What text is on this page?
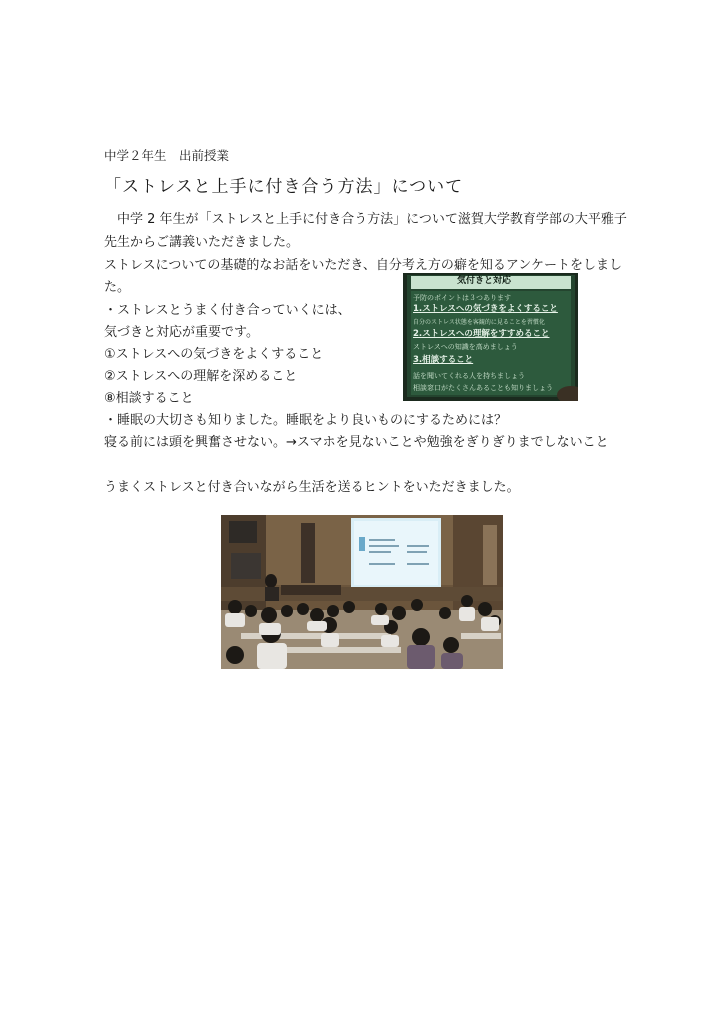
中学２年生　出前授業
「ストレスと上手に付き合う方法」について
　中学 2 年生が「ストレスと上手に付き合う方法」について滋賀大学教育学部の大平雅子
先生からご講義いただきました。
ストレスについての基礎的なお話をいただき、自分考え方の癖を知るアンケートをしまし
た。
・ストレスとうまく付き合っていくには、
気づきと対応が重要です。
①ストレスへの気づきをよくすること
②ストレスへの理解を深めること
⑧相談すること
・睡眠の大切さも知りました。睡眠をより良いものにするためには？
寝る前には頭を興奮させない。→スマホを見ないことや勉強をぎりぎりまでしないこと
うまくストレスと付き合いながら生活を送るヒントをいただきました。
気付きと対応
予防のポイントは３つあります
1.ストレスへの気づきをよくすること
自分のストレス状態を客観的に見ることを習慣化
2.ストレスへの理解をすすめること
ストレスへの知識を高めましょう
3.相談すること
話を聞いてくれる人を持ちましょう
相談窓口がたくさんあることも知りましょう
